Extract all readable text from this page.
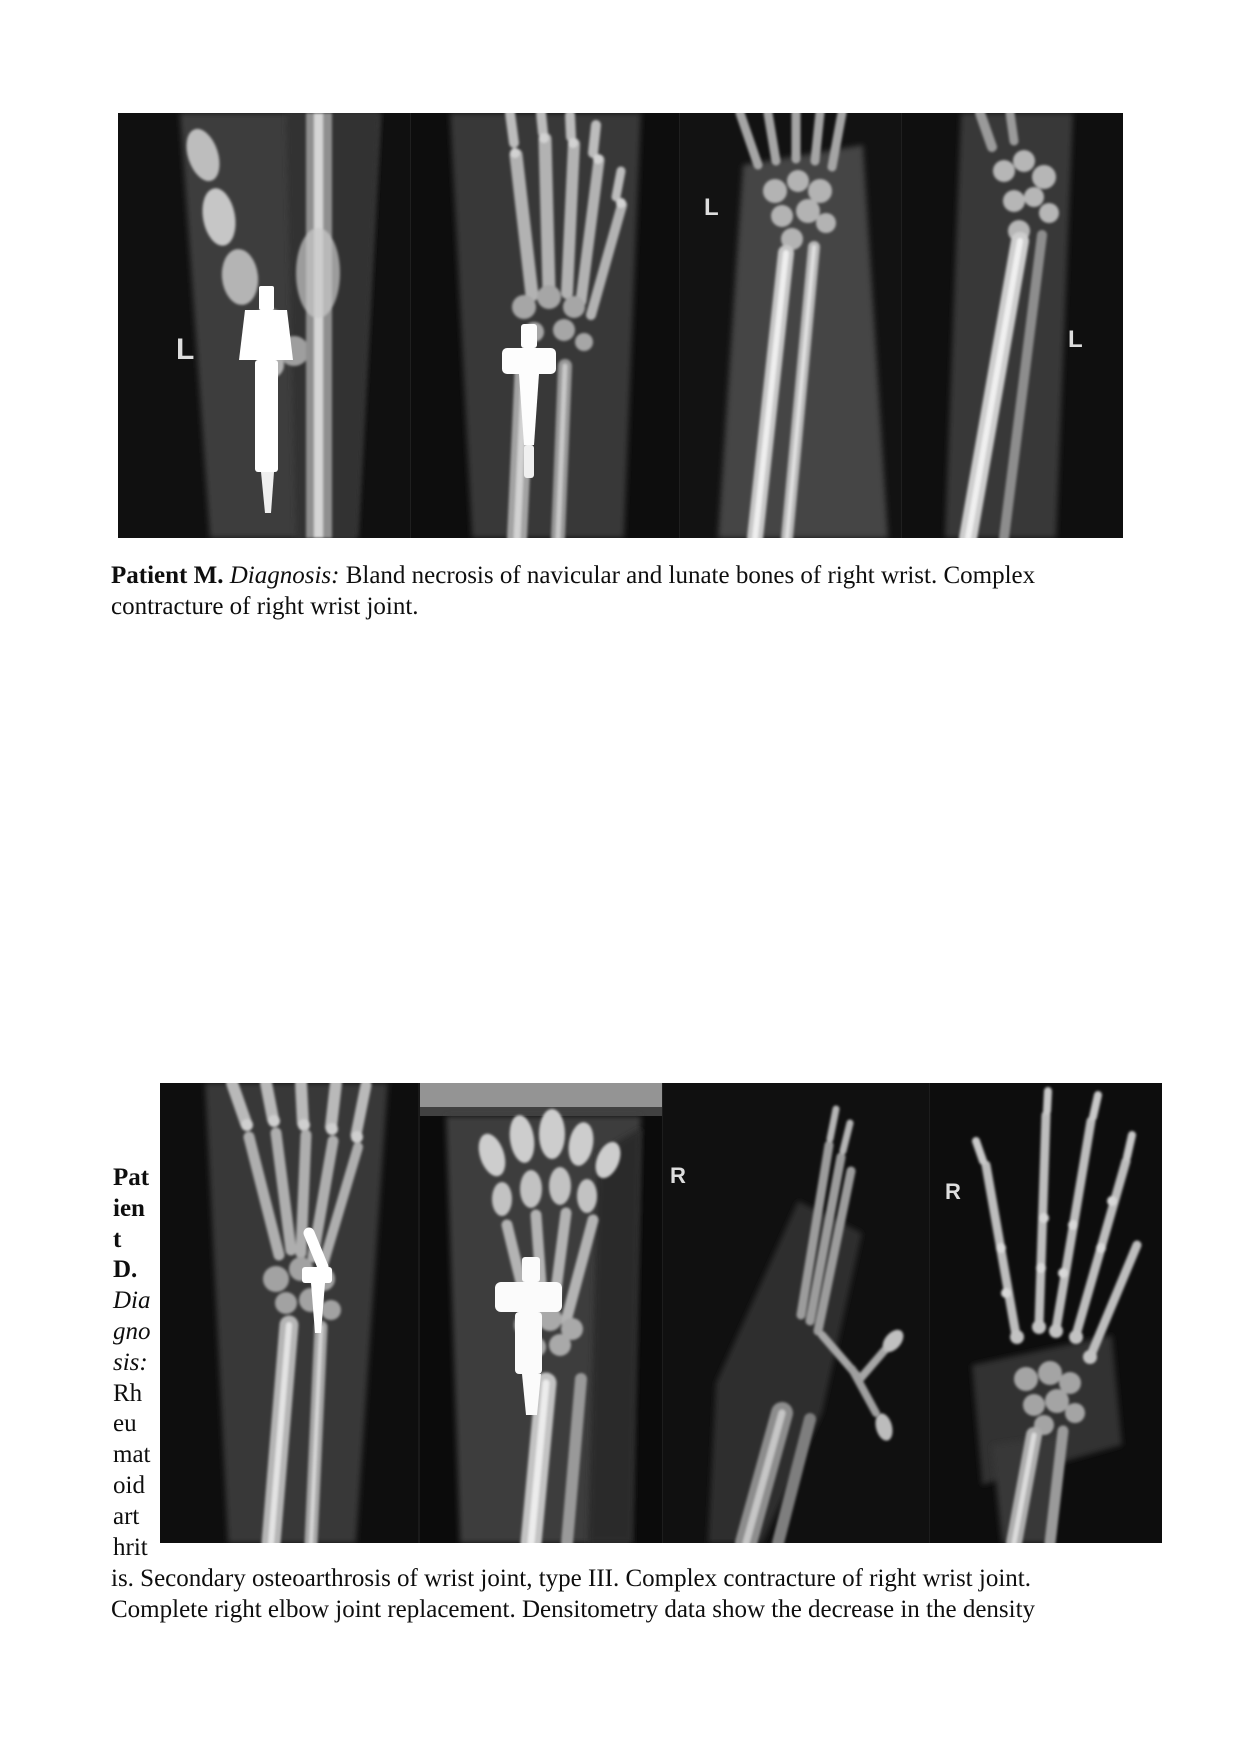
L
L
L
Patient M. Diagnosis: Bland necrosis of navicular and lunate bones of right wrist. Complex
contracture of right wrist joint.
R
R
Pat
ien
t
D.
Dia
gno
sis:
Rh
eu
mat
oid
art
hrit
is. Secondary osteoarthrosis of wrist joint, type III. Complex contracture of right wrist joint.
Complete right elbow joint replacement. Densitometry data show the decrease in the density
